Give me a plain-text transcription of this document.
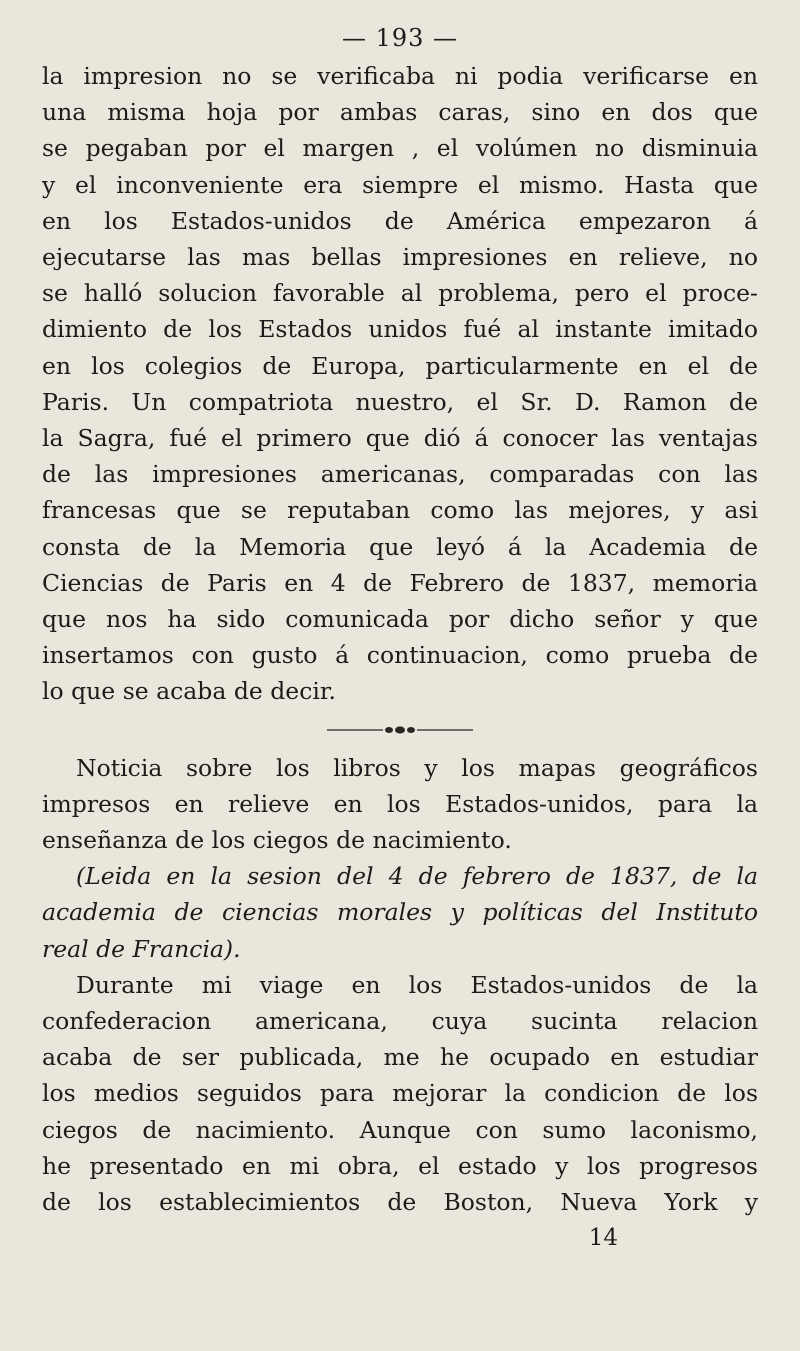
— 193 —

la impresion no se verificaba ni podia verificarse en
una misma hoja por ambas caras, sino en dos que
se pegaban por el margen , el volúmen no disminuia
y el inconveniente era siempre el mismo. Hasta que
en los Estados-unidos de América empezaron á
ejecutarse las mas bellas impresiones en relieve, no
se halló solucion favorable al problema, pero el proce-
dimiento de los Estados unidos fué al instante imitado
en los colegios de Europa, particularmente en el de
Paris. Un compatriota nuestro, el Sr. D. Ramon de
la Sagra, fué el primero que dió á conocer las ventajas
de las impresiones americanas, comparadas con las
francesas que se reputaban como las mejores, y asi
consta de la Memoria que leyó á la Academia de
Ciencias de Paris en 4 de Febrero de 1837, memoria
que nos ha sido comunicada por dicho señor y que
insertamos con gusto á continuacion, como prueba de
lo que se acaba de decir.

Noticia sobre los libros y los mapas geográficos
impresos en relieve en los Estados-unidos, para la
enseñanza de los ciegos de nacimiento.

(Leida en la sesion del 4 de febrero de 1837, de la
academia de ciencias morales y políticas del Instituto
real de Francia).

Durante mi viage en los Estados-unidos de la
confederacion americana, cuya sucinta relacion
acaba de ser publicada, me he ocupado en estudiar
los medios seguidos para mejorar la condicion de los
ciegos de nacimiento. Aunque con sumo laconismo,
he presentado en mi obra, el estado y los progresos
de los establecimientos de Boston, Nueva York y

14
